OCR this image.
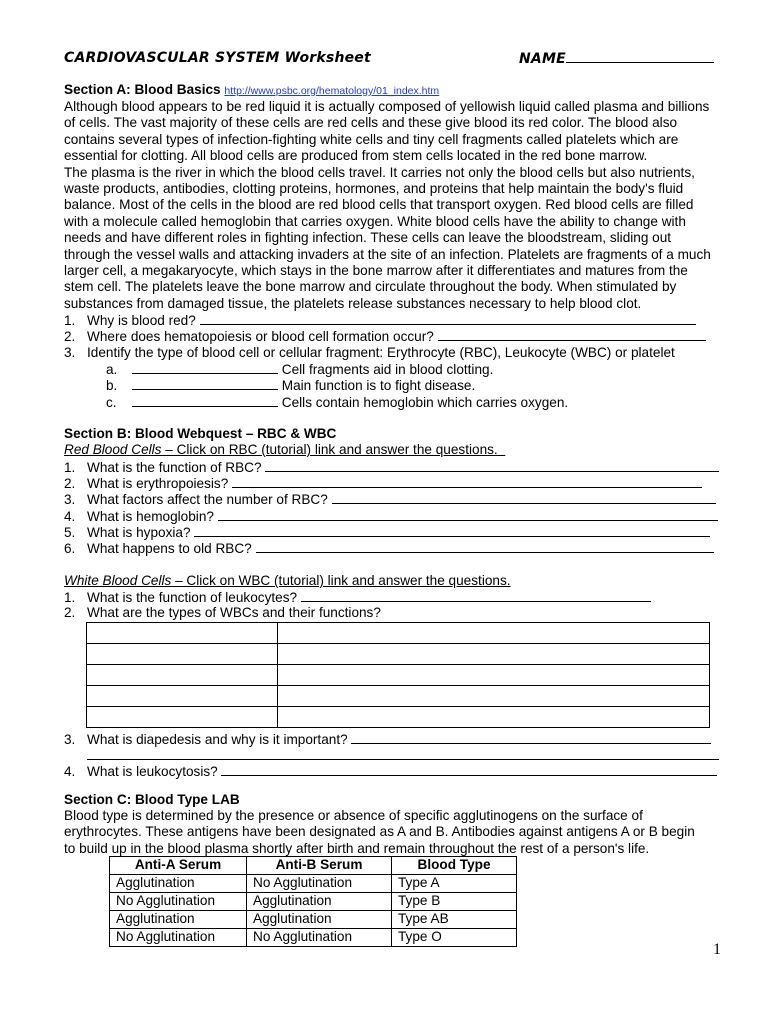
CARDIOVASCULAR SYSTEM Worksheet	NAME
Section A: Blood Basics http://www.psbc.org/hematology/01_index.htm
Although blood appears to be red liquid it is actually composed of yellowish liquid called plasma and billions
of cells. The vast majority of these cells are red cells and these give blood its red color. The blood also
contains several types of infection-fighting white cells and tiny cell fragments called platelets which are
essential for clotting. All blood cells are produced from stem cells located in the red bone marrow.
The plasma is the river in which the blood cells travel. It carries not only the blood cells but also nutrients,
waste products, antibodies, clotting proteins, hormones, and proteins that help maintain the body's fluid
balance. Most of the cells in the blood are red blood cells that transport oxygen. Red blood cells are filled
with a molecule called hemoglobin that carries oxygen. White blood cells have the ability to change with
needs and have different roles in fighting infection. These cells can leave the bloodstream, sliding out
through the vessel walls and attacking invaders at the site of an infection. Platelets are fragments of a much
larger cell, a megakaryocyte, which stays in the bone marrow after it differentiates and matures from the
stem cell. The platelets leave the bone marrow and circulate throughout the body. When stimulated by
substances from damaged tissue, the platelets release substances necessary to help blood clot.
1. Why is blood red?
2. Where does hematopoiesis or blood cell formation occur?
3. Identify the type of blood cell or cellular fragment: Erythrocyte (RBC), Leukocyte (WBC) or platelet
a.	Cell fragments aid in blood clotting.
b.	Main function is to fight disease.
c.	Cells contain hemoglobin which carries oxygen.
Section B: Blood Webquest – RBC & WBC
Red Blood Cells – Click on RBC (tutorial) link and answer the questions.
1. What is the function of RBC?
2. What is erythropoiesis?
3. What factors affect the number of RBC?
4. What is hemoglobin?
5. What is hypoxia?
6. What happens to old RBC?
White Blood Cells – Click on WBC (tutorial) link and answer the questions.
1. What is the function of leukocytes?
2. What are the types of WBCs and their functions?

3. What is diapedesis and why is it important?
4. What is leukocytosis?
Section C: Blood Type LAB
Blood type is determined by the presence or absence of specific agglutinogens on the surface of
erythrocytes. These antigens have been designated as A and B. Antibodies against antigens A or B begin
to build up in the blood plasma shortly after birth and remain throughout the rest of a person's life.
Anti-A Serum	Anti-B Serum	Blood Type
Agglutination	No Agglutination	Type A
No Agglutination	Agglutination	Type B
Agglutination	Agglutination	Type AB
No Agglutination	No Agglutination	Type O
1
